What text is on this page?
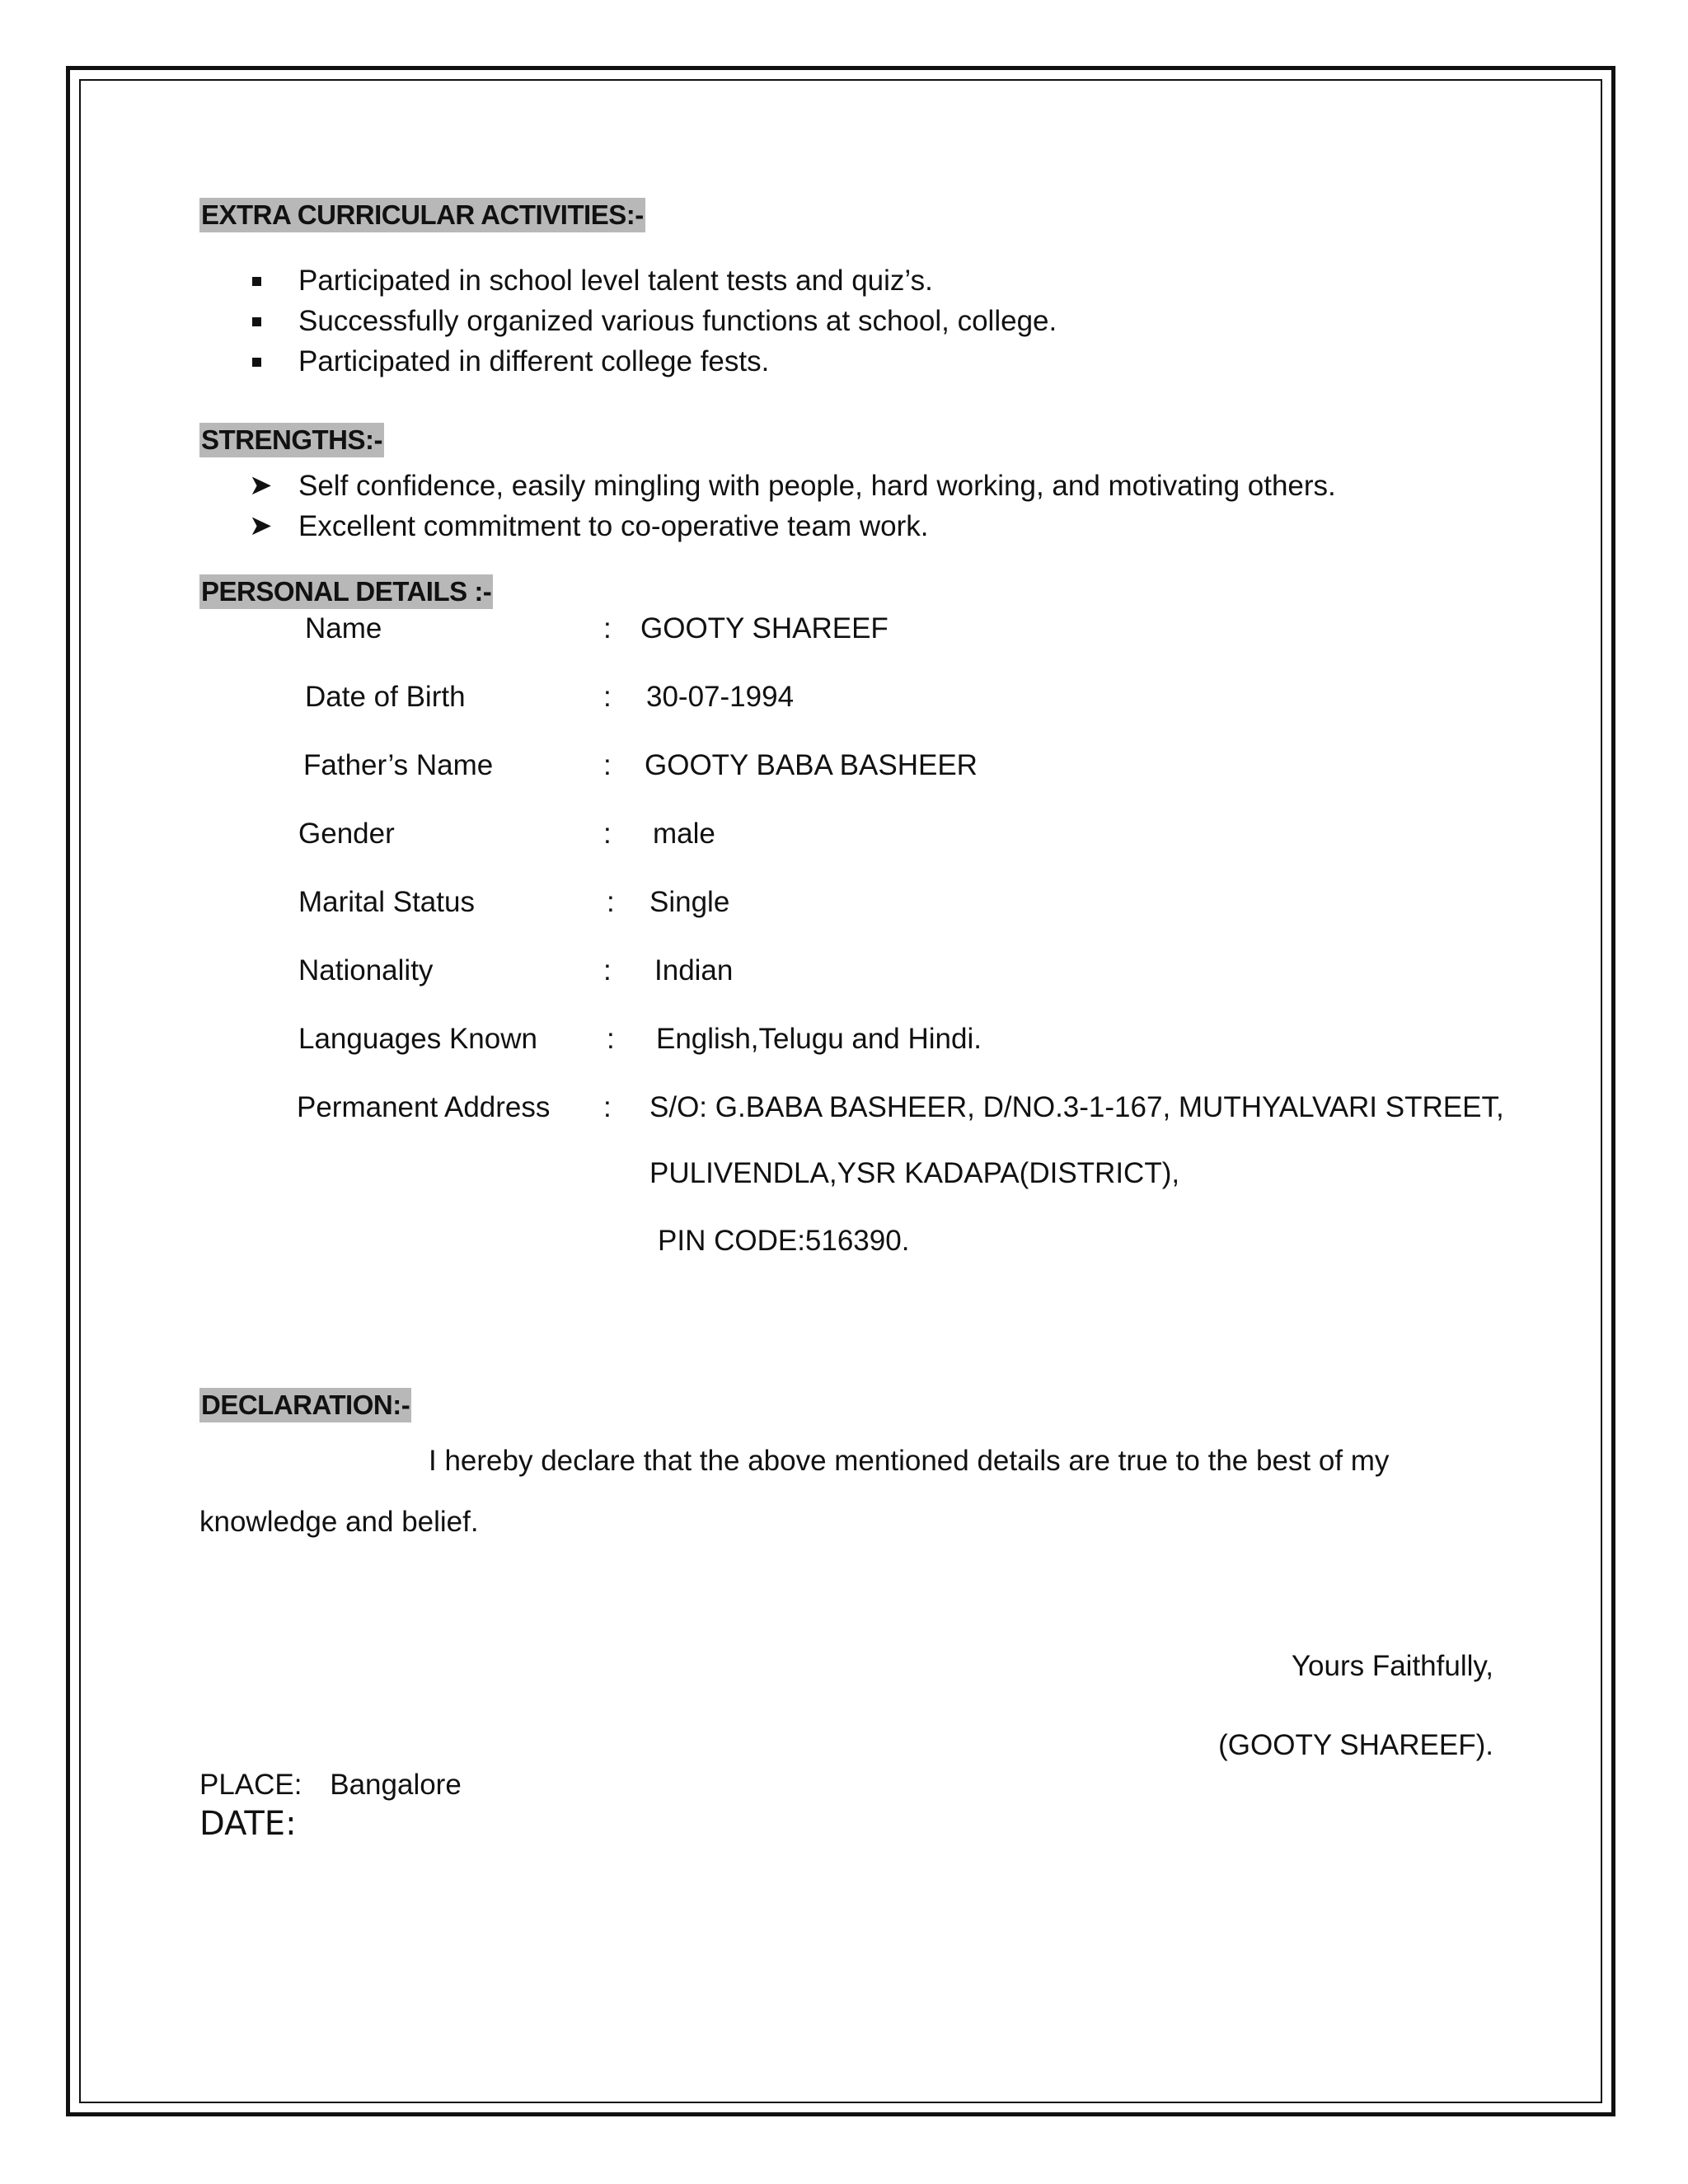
EXTRA CURRICULAR ACTIVITIES:-
Participated in school level talent tests and quiz’s.
Successfully organized various functions at school, college.
Participated in different college fests.
STRENGTHS:-
➤ Self confidence, easily mingling with people, hard working, and motivating others.
➤ Excellent commitment to co-operative team work.
PERSONAL DETAILS :-
Name	: GOOTY SHAREEF
Date of Birth	: 30-07-1994
Father’s Name	: GOOTY BABA BASHEER
Gender	: male
Marital Status	: Single
Nationality	: Indian
Languages Known : English,Telugu and Hindi.
Permanent Address : S/O: G.BABA BASHEER, D/NO.3-1-167, MUTHYALVARI STREET,
PULIVENDLA,YSR KADAPA(DISTRICT),
PIN CODE:516390.
DECLARATION:-

I hereby declare that the above mentioned details are true to the best of my knowledge and belief.

Yours Faithfully,
(GOOTY SHAREEF).
PLACE: Bangalore
DATE:
